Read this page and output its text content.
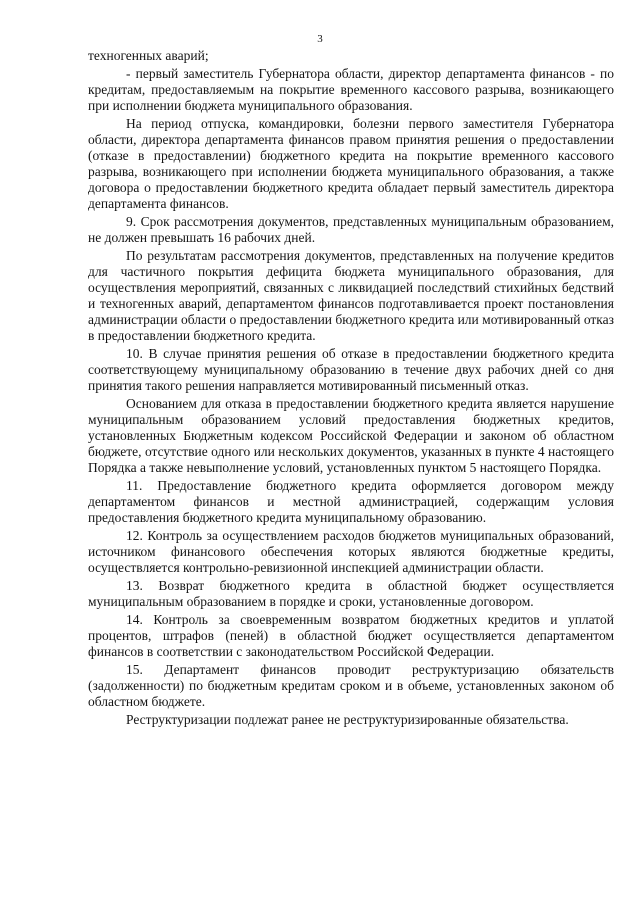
3

техногенных аварий;

- первый заместитель Губернатора области, директор департамента финансов - по кредитам, предоставляемым на покрытие временного кассового разрыва, возникающего при исполнении бюджета муниципального образования.

На период отпуска, командировки, болезни первого заместителя Губернатора области, директора департамента финансов правом принятия решения о предоставлении (отказе в предоставлении) бюджетного кредита на покрытие временного кассового разрыва, возникающего при исполнении бюджета муниципального образования, а также договора о предоставлении бюджетного кредита обладает первый заместитель директора департамента финансов.

9. Срок рассмотрения документов, представленных муниципальным образованием, не должен превышать 16 рабочих дней.

По результатам рассмотрения документов, представленных на получение кредитов для частичного покрытия дефицита бюджета муниципального образования, для осуществления мероприятий, связанных с ликвидацией последствий стихийных бедствий и техногенных аварий, департаментом финансов подготавливается проект постановления администрации области о предоставлении бюджетного кредита или мотивированный отказ в предоставлении бюджетного кредита.

10. В случае принятия решения об отказе в предоставлении бюджетного кредита соответствующему муниципальному образованию в течение двух рабочих дней со дня принятия такого решения направляется мотивированный письменный отказ.

Основанием для отказа в предоставлении бюджетного кредита является нарушение муниципальным образованием условий предоставления бюджетных кредитов, установленных Бюджетным кодексом Российской Федерации и законом об областном бюджете, отсутствие одного или нескольких документов, указанных в пункте 4 настоящего Порядка а также невыполнение условий, установленных пунктом 5 настоящего Порядка.

11. Предоставление бюджетного кредита оформляется договором между департаментом финансов и местной администрацией, содержащим условия предоставления бюджетного кредита муниципальному образованию.

12. Контроль за осуществлением расходов бюджетов муниципальных образований, источником финансового обеспечения которых являются бюджетные кредиты, осуществляется контрольно-ревизионной инспекцией администрации области.

13. Возврат бюджетного кредита в областной бюджет осуществляется муниципальным образованием в порядке и сроки, установленные договором.

14. Контроль за своевременным возвратом бюджетных кредитов и уплатой процентов, штрафов (пеней) в областной бюджет осуществляется департаментом финансов в соответствии с законодательством Российской Федерации.

15. Департамент финансов проводит реструктуризацию обязательств (задолженности) по бюджетным кредитам сроком и в объеме, установленных законом об областном бюджете.

Реструктуризации подлежат ранее не реструктуризированные обязательства.
